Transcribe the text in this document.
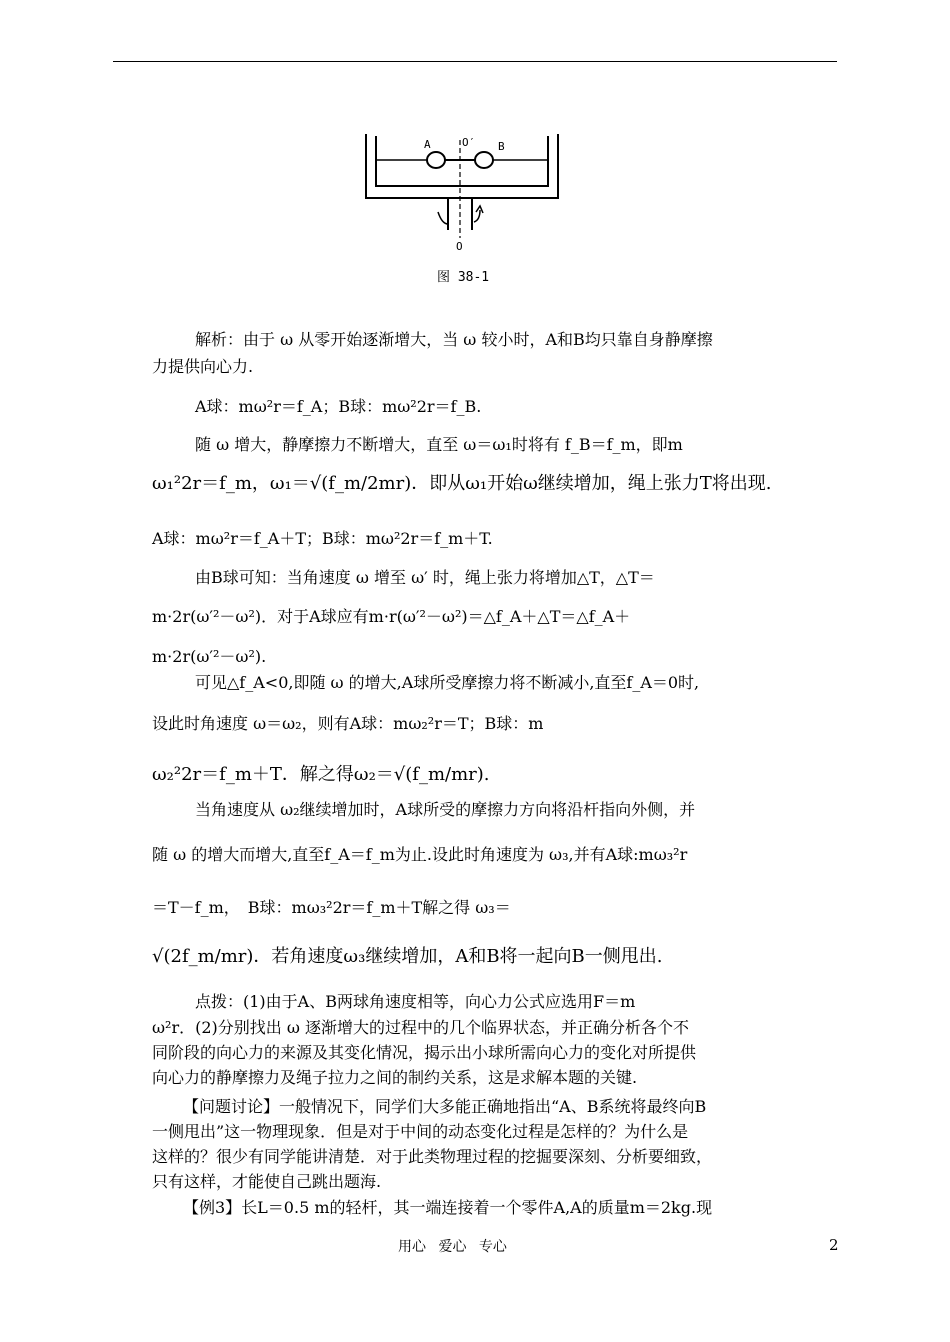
A	O′ B
O
图 38-1
解析：由于 ω 从零开始逐渐增大，当 ω 较小时，A和B均只靠自身静摩擦
力提供向心力.
A球：mω²r＝f_A；B球：mω²2r＝f_B.
随 ω 增大，静摩擦力不断增大，直至 ω＝ω₁时将有 f_B＝f_m，即m
ω₁²2r＝f_m，ω₁＝√(f_m/2mr)．即从ω₁开始ω继续增加，绳上张力T将出现.
A球：mω²r＝f_A＋T；B球：mω²2r＝f_m＋T.
由B球可知：当角速度 ω 增至 ω′ 时，绳上张力将增加△T，△T＝
m·2r(ω′²－ω²)．对于A球应有m·r(ω′²－ω²)＝△f_A＋△T＝△f_A＋
m·2r(ω′²－ω²).
可见△f_A<0,即随 ω 的增大,A球所受摩擦力将不断减小,直至f_A＝0时,
设此时角速度 ω＝ω₂，则有A球：mω₂²r＝T；B球：m
ω₂²2r＝f_m＋T．解之得ω₂＝√(f_m/mr).
当角速度从 ω₂继续增加时，A球所受的摩擦力方向将沿杆指向外侧，并
随 ω 的增大而增大,直至f_A＝f_m为止.设此时角速度为 ω₃,并有A球:mω₃²r
＝T－f_m，　B球：mω₃²2r＝f_m＋T解之得 ω₃＝
√(2f_m/mr)．若角速度ω₃继续增加，A和B将一起向B一侧甩出.
点拨：(1)由于A、B两球角速度相等，向心力公式应选用F＝m
ω²r．(2)分别找出 ω 逐渐增大的过程中的几个临界状态，并正确分析各个不
同阶段的向心力的来源及其变化情况，揭示出小球所需向心力的变化对所提供
向心力的静摩擦力及绳子拉力之间的制约关系，这是求解本题的关键.
【问题讨论】一般情况下，同学们大多能正确地指出“A、B系统将最终向B
一侧甩出”这一物理现象．但是对于中间的动态变化过程是怎样的？为什么是
这样的？很少有同学能讲清楚．对于此类物理过程的挖掘要深刻、分析要细致，
只有这样，才能使自己跳出题海.
【例3】长L＝0.5 m的轻杆，其一端连接着一个零件A,A的质量m＝2kg.现
用心 爱心 专心	2
